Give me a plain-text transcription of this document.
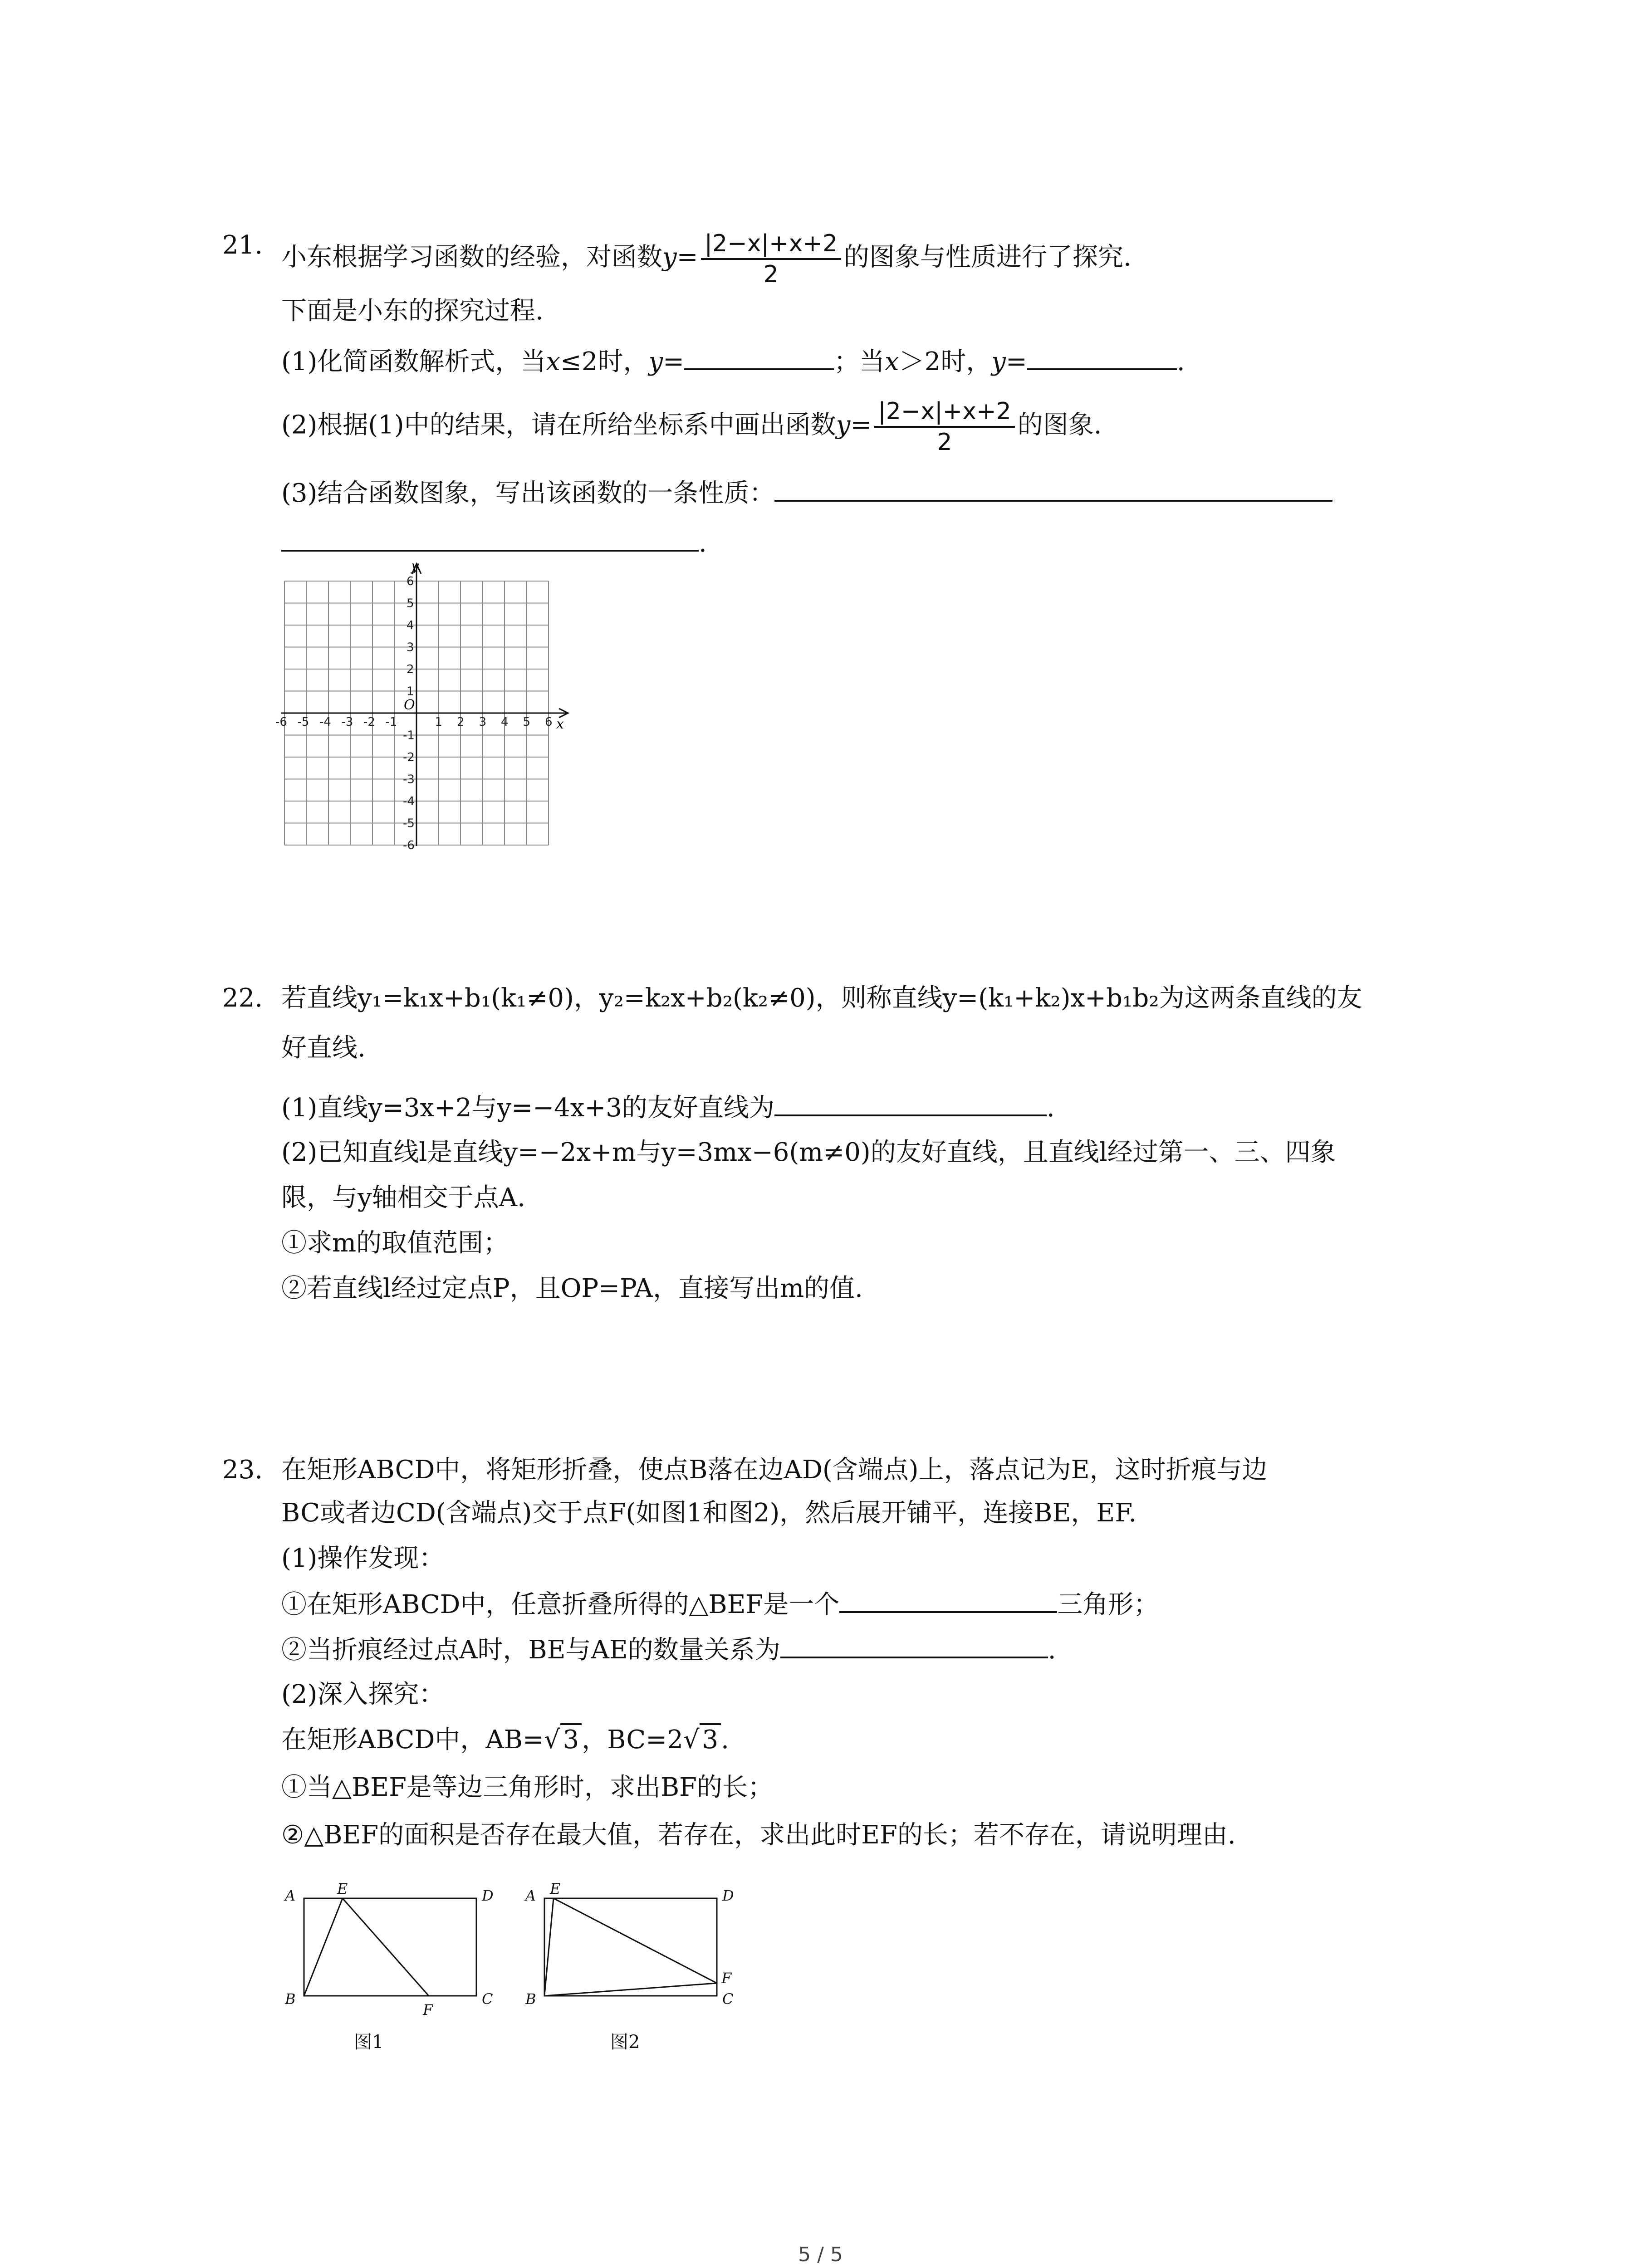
21. 小东根据学习函数的经验，对函数$y= \frac{|2-x|+x+2}{2}$ 的图象与性质进行了探究.
下面是小东的探究过程.
(1)化简函数解析式，当x≤2时，y=	；当x＞2时，y=	.
(2)根据(1)中的结果，请在所给坐标系中画出函数$y= \frac{|2-x|+x+2}{2}$ 的图象.
(3)结合函数图象，写出该函数的一条性质：
.
-6 -5 -4 -3 -2 -1	1 2 3 4 5 6
6
5
4
3
2
1
-1
-2
-3
-4
-5
-6
y
x
O
22. 若直线y₁=k₁x+b₁(k₁≠0)，y₂=k₂x+b₂(k₂≠0)，则称直线y=(k₁+k₂)x+b₁b₂为这两条直线的友
好直线.
(1)直线y=3x+2与y=−4x+3的友好直线为	.
(2)已知直线l是直线y=−2x+m与y=3mx−6(m≠0)的友好直线，且直线l经过第一、三、四象
限，与y轴相交于点A.
①求m的取值范围；
②若直线l经过定点P，且OP=PA，直接写出m的值.
23. 在矩形ABCD中，将矩形折叠，使点B落在边AD(含端点)上，落点记为E，这时折痕与边
BC或者边CD(含端点)交于点F(如图1和图2)，然后展开铺平，连接BE，EF.
(1)操作发现：
①在矩形ABCD中，任意折叠所得的△BEF是一个	三角形；
②当折痕经过点A时，BE与AE的数量关系为	.
(2)深入探究：
在矩形ABCD中，AB=√ 3 ，BC=2√ 3 .
①当△BEF是等边三角形时，求出BF的长；
②△BEF的面积是否存在最大值，若存在，求出此时EF的长；若不存在，请说明理由.
A	E	D
B
F
C
图1
A E	D
B
F
C
图2
5 / 5
